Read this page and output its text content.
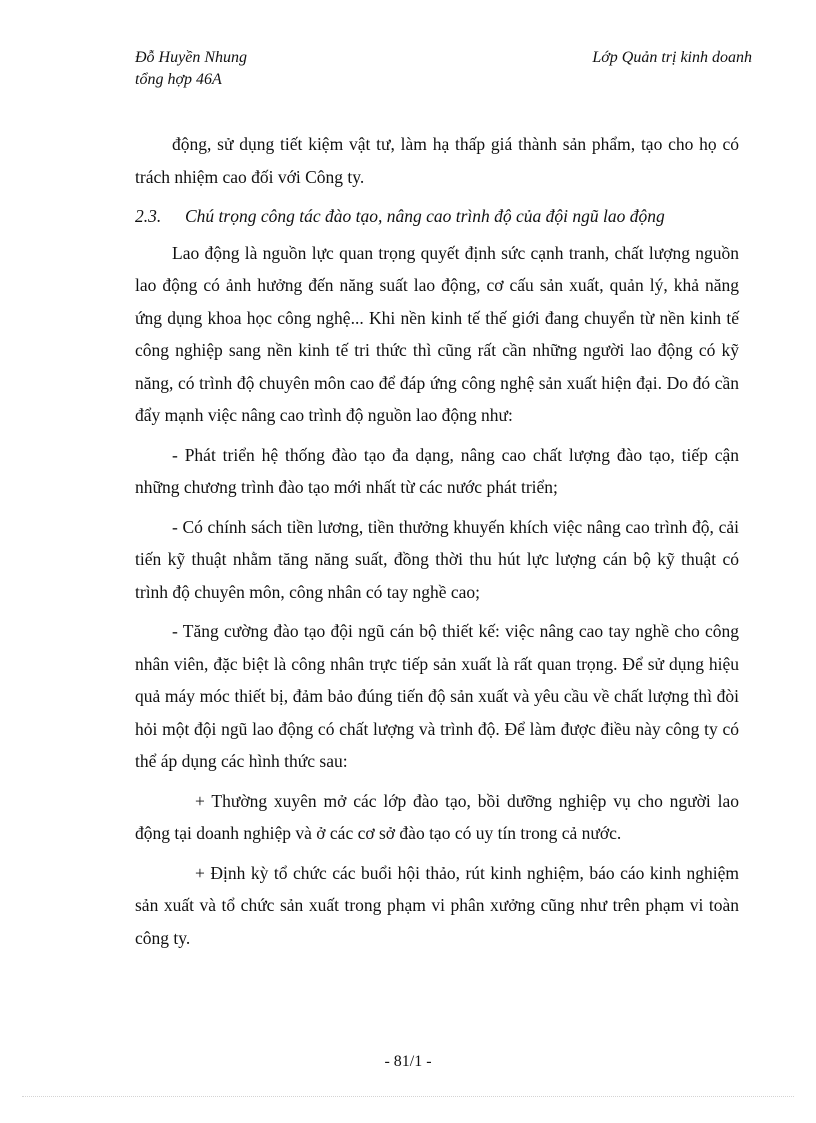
Đỗ Huyền Nhung
tổng hợp 46A
Lớp Quản trị kinh doanh

động, sử dụng tiết kiệm vật tư, làm hạ thấp giá thành sản phẩm, tạo cho họ có trách nhiệm cao đối với Công ty.

2.3. Chú trọng công tác đào tạo, nâng cao trình độ của đội ngũ lao động

Lao động là nguồn lực quan trọng quyết định sức cạnh tranh, chất lượng nguồn lao động có ảnh hưởng đến năng suất lao động, cơ cấu sản xuất, quản lý, khả năng ứng dụng khoa học công nghệ... Khi nền kinh tế thế giới đang chuyển từ nền kinh tế công nghiệp sang nền kinh tế tri thức thì cũng rất cần những người lao động có kỹ năng, có trình độ chuyên môn cao để đáp ứng công nghệ sản xuất hiện đại. Do đó cần đẩy mạnh việc nâng cao trình độ nguồn lao động như:

- Phát triển hệ thống đào tạo đa dạng, nâng cao chất lượng đào tạo, tiếp cận những chương trình đào tạo mới nhất từ các nước phát triển;

- Có chính sách tiền lương, tiền thưởng khuyến khích việc nâng cao trình độ, cải tiến kỹ thuật nhằm tăng năng suất, đồng thời thu hút lực lượng cán bộ kỹ thuật có trình độ chuyên môn, công nhân có tay nghề cao;

- Tăng cường đào tạo đội ngũ cán bộ thiết kế: việc nâng cao tay nghề cho công nhân viên, đặc biệt là công nhân trực tiếp sản xuất là rất quan trọng. Để sử dụng hiệu quả máy móc thiết bị, đảm bảo đúng tiến độ sản xuất và yêu cầu về chất lượng thì đòi hỏi một đội ngũ lao động có chất lượng và trình độ. Để làm được điều này công ty có thể áp dụng các hình thức sau:

+ Thường xuyên mở các lớp đào tạo, bồi dưỡng nghiệp vụ cho người lao động tại doanh nghiệp và ở các cơ sở đào tạo có uy tín trong cả nước.

+ Định kỳ tổ chức các buổi hội thảo, rút kinh nghiệm, báo cáo kinh nghiệm sản xuất và tổ chức sản xuất trong phạm vi phân xưởng cũng như trên phạm vi toàn công ty.

- 81/1 -
